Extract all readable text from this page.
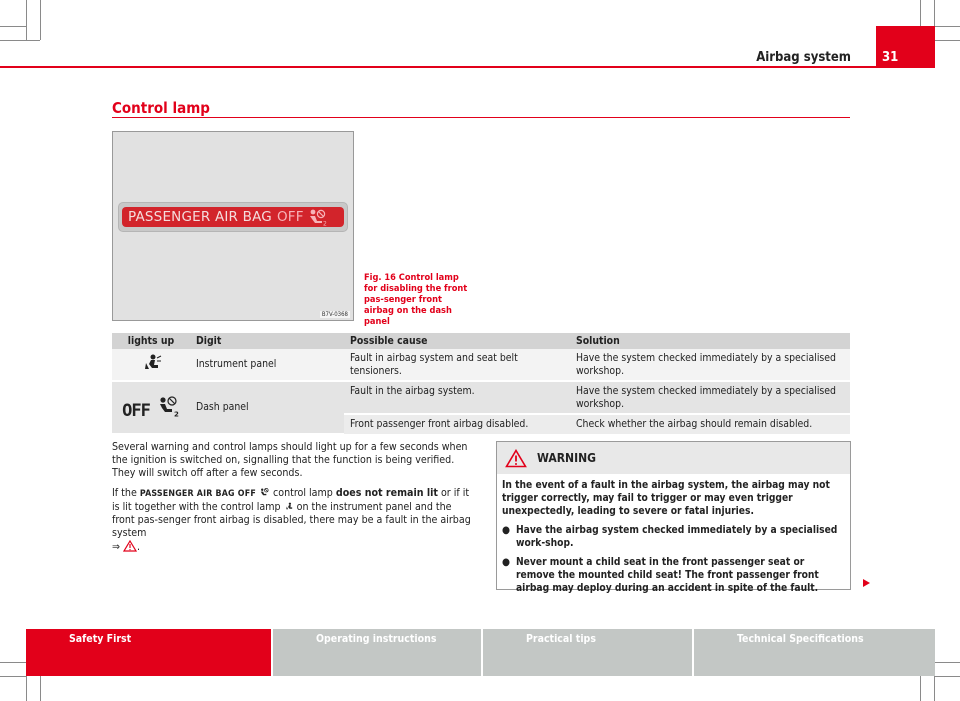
Airbag system	31
Control lamp
PASSENGER AIR BAG OFF	2
B7V-0368
Fig. 16 Control lamp for disabling the front pas-senger front airbag on the dash panel
lights up	Digit	Possible cause	Solution
	Instrument panel	Fault in airbag system and seat belt tensioners.	Have the system checked immediately by a specialised workshop.

OFF 2	Dash panel	Fault in the airbag system.	Have the system checked immediately by a specialised workshop.
		Front passenger front airbag disabled.	Check whether the airbag should remain disabled.

Several warning and control lamps should light up for a few seconds when the ignition is switched on, signalling that the function is being verified. They will switch off after a few seconds.

If the PASSENGER AIR BAG OFF control lamp does not remain lit or if it is lit together with the control lamp on the instrument panel and the front pas-senger front airbag is disabled, there may be a fault in the airbag system
⇒ .

WARNING

In the event of a fault in the airbag system, the airbag may not trigger correctly, may fail to trigger or may even trigger unexpectedly, leading to severe or fatal injuries.

● Have the airbag system checked immediately by a specialised work-shop.

● Never mount a child seat in the front passenger seat or remove the mounted child seat! The front passenger front airbag may deploy during an accident in spite of the fault.

Safety First	Operating instructions	Practical tips	Technical Specifications
